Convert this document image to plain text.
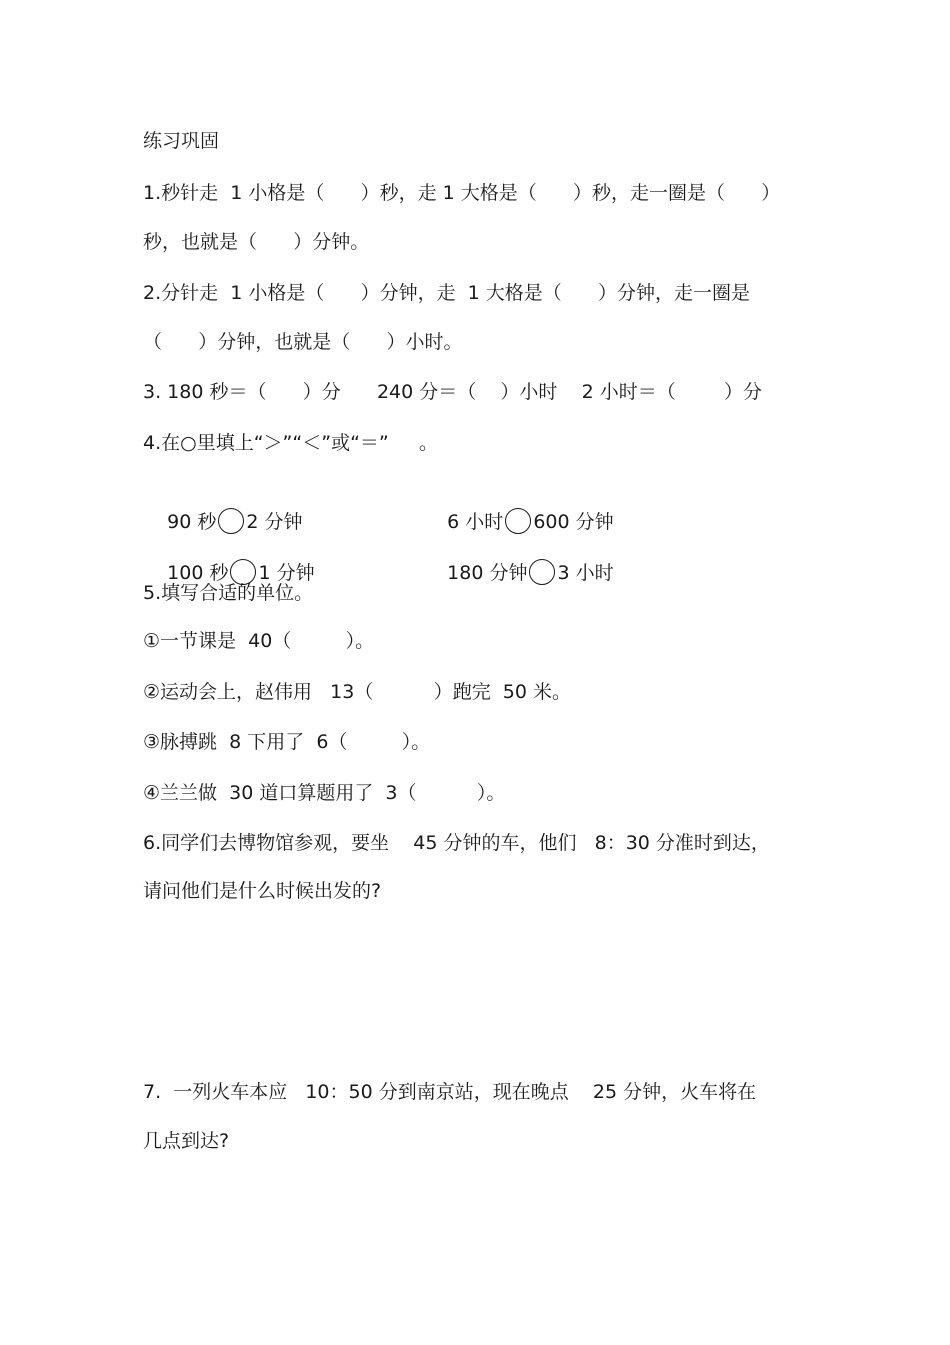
练习巩固
1.秒针走  1 小格是（      ）秒，走 1 大格是（      ）秒，走一圈是（      ）
秒，也就是（      ）分钟。
2.分针走  1 小格是（      ）分钟，走  1 大格是（      ）分钟，走一圈是
（      ）分钟，也就是（      ）小时。
3. 180 秒＝（      ）分      240 分＝（    ）小时    2 小时＝（        ）分
4.在○里填上“＞”“＜”或“＝”     。

90 秒 2 分钟
	6 小时 600 分钟

100 秒 1 分钟
	180 分钟 3 小时

5.填写合适的单位。
①一节课是  40（         ）。
②运动会上，赵伟用   13（          ）跑完  50 米。
③脉搏跳  8 下用了  6（         ）。
④兰兰做  30 道口算题用了  3（          ）。
6.同学们去博物馆参观，要坐    45 分钟的车，他们   8：30 分准时到达，
请问他们是什么时候出发的?
7.  一列火车本应   10：50 分到南京站，现在晚点    25 分钟，火车将在
几点到达?
